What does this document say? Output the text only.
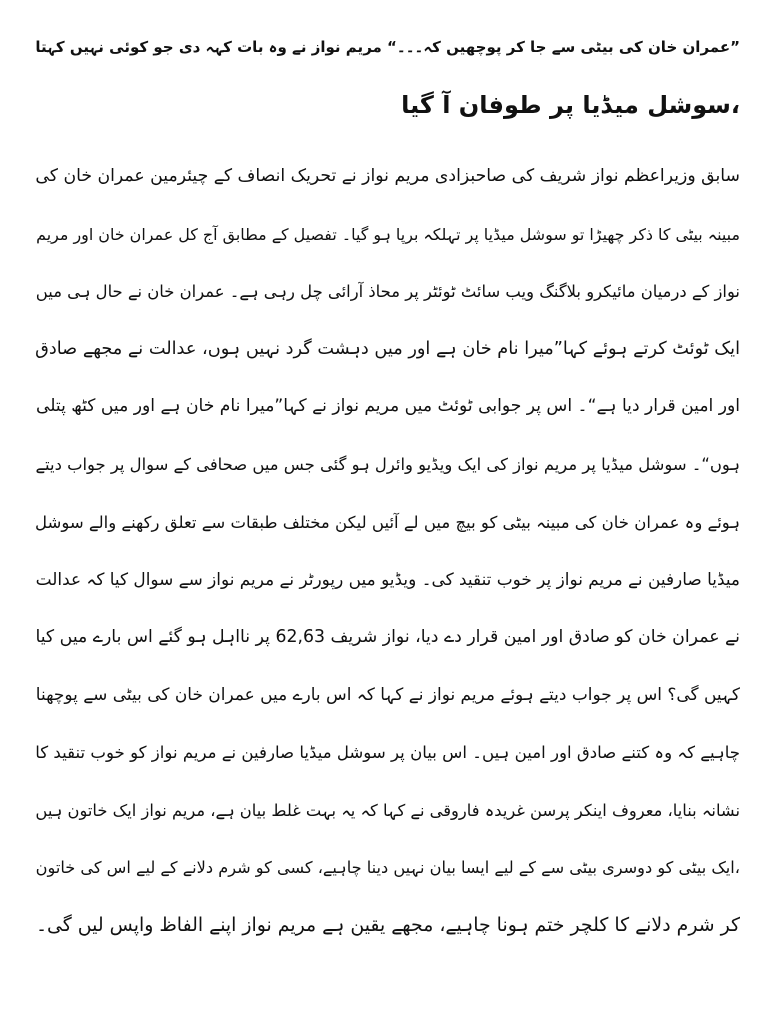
”عمران خان کی بیٹی سے جا کر پوچھیں کہ۔۔۔“ مریم نواز نے وہ بات کہہ دی جو کوئی نہیں کہتا
،سوشل میڈیا پر طوفان آ گیا
سابق وزیراعظم نواز شریف کی صاحبزادی مریم نواز نے تحریک انصاف کے چیئرمین عمران خان کی
مبینہ بیٹی کا ذکر چھیڑا تو سوشل میڈیا پر تہلکہ برپا ہو گیا۔ تفصیل کے مطابق آج کل عمران خان اور مریم
نواز کے درمیان مائیکرو بلاگنگ ویب سائٹ ٹوئٹر پر محاذ آرائی چل رہی ہے۔ عمران خان نے حال ہی میں
ایک ٹوئٹ کرتے ہوئے کہا”میرا نام خان ہے اور میں دہشت گرد نہیں ہوں، عدالت نے مجھے صادق
اور امین قرار دیا ہے“۔ اس پر جوابی ٹوئٹ میں مریم نواز نے کہا”میرا نام خان ہے اور میں کٹھ پتلی
ہوں“۔ سوشل میڈیا پر مریم نواز کی ایک ویڈیو وائرل ہو گئی جس میں صحافی کے سوال پر جواب دیتے
ہوئے وہ عمران خان کی مبینہ بیٹی کو بیچ میں لے آئیں لیکن مختلف طبقات سے تعلق رکھنے والے سوشل
میڈیا صارفین نے مریم نواز پر خوب تنقید کی۔ ویڈیو میں رپورٹر نے مریم نواز سے سوال کیا کہ عدالت
نے عمران خان کو صادق اور امین قرار دے دیا، نواز شریف 62,63 پر نااہل ہو گئے اس بارے میں کیا
کہیں گی؟ اس پر جواب دیتے ہوئے مریم نواز نے کہا کہ اس بارے میں عمران خان کی بیٹی سے پوچھنا
چاہیے کہ وہ کتنے صادق اور امین ہیں۔ اس بیان پر سوشل میڈیا صارفین نے مریم نواز کو خوب تنقید کا
نشانہ بنایا، معروف اینکر پرسن غریدہ فاروقی نے کہا کہ یہ بہت غلط بیان ہے، مریم نواز ایک خاتون ہیں
،ایک بیٹی کو دوسری بیٹی سے کے لیے ایسا بیان نہیں دینا چاہیے، کسی کو شرم دلانے کے لیے اس کی خاتون
کر شرم دلانے کا کلچر ختم ہونا چاہیے، مجھے یقین ہے مریم نواز اپنے الفاظ واپس لیں گی۔
